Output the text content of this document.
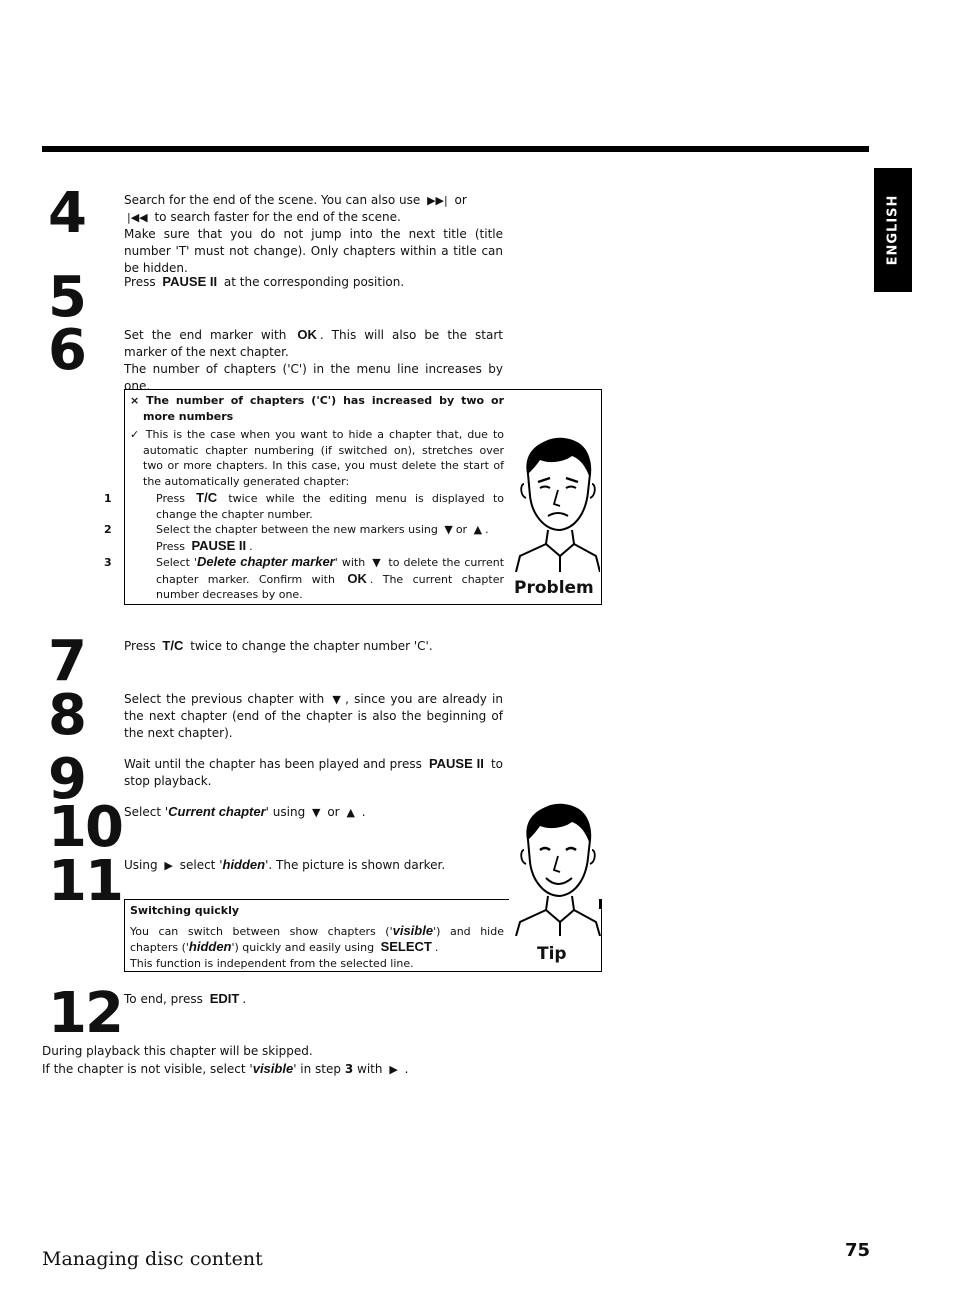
ENGLISH
4	Search for the end of the scene. You can also use ▶▶| or
|◀◀ to search faster for the end of the scene.
Make sure that you do not jump into the next title (title number 'T' must not change). Only chapters within a title can be hidden.
5	Press PAUSE II at the corresponding position.
6	Set the end marker with OK . This will also be the start marker of the next chapter.
The number of chapters ('C') in the menu line increases by one.
× The number of chapters ('C') has increased by two or more numbers
✓ This is the case when you want to hide a chapter that, due to automatic chapter numbering (if switched on), stretches over two or more chapters. In this case, you must delete the start of the automatically generated chapter:
1	Press T/C twice while the editing menu is displayed to change the chapter number.
2	Select the chapter between the new markers using ▼ or ▲ .
Press PAUSE II .
3	Select 'Delete chapter marker' with ▼ to delete the current chapter marker. Confirm with OK . The current chapter number decreases by one.	Problem
7	Press T/C twice to change the chapter number 'C'.
8	Select the previous chapter with ▼ , since you are already in the next chapter (end of the chapter is also the beginning of the next chapter).
9	Wait until the chapter has been played and press PAUSE II to stop playback.
10 Select 'Current chapter' using ▼ or ▲ .
11 Using ▶ select 'hidden'. The picture is shown darker.
Switching quickly
You can switch between show chapters ('visible') and hide chapters ('hidden') quickly and easily using SELECT .
This function is independent from the selected line.	Tip
12 To end, press EDIT .
During playback this chapter will be skipped.
If the chapter is not visible, select 'visible' in step 3 with ▶ .
Managing disc content	75
